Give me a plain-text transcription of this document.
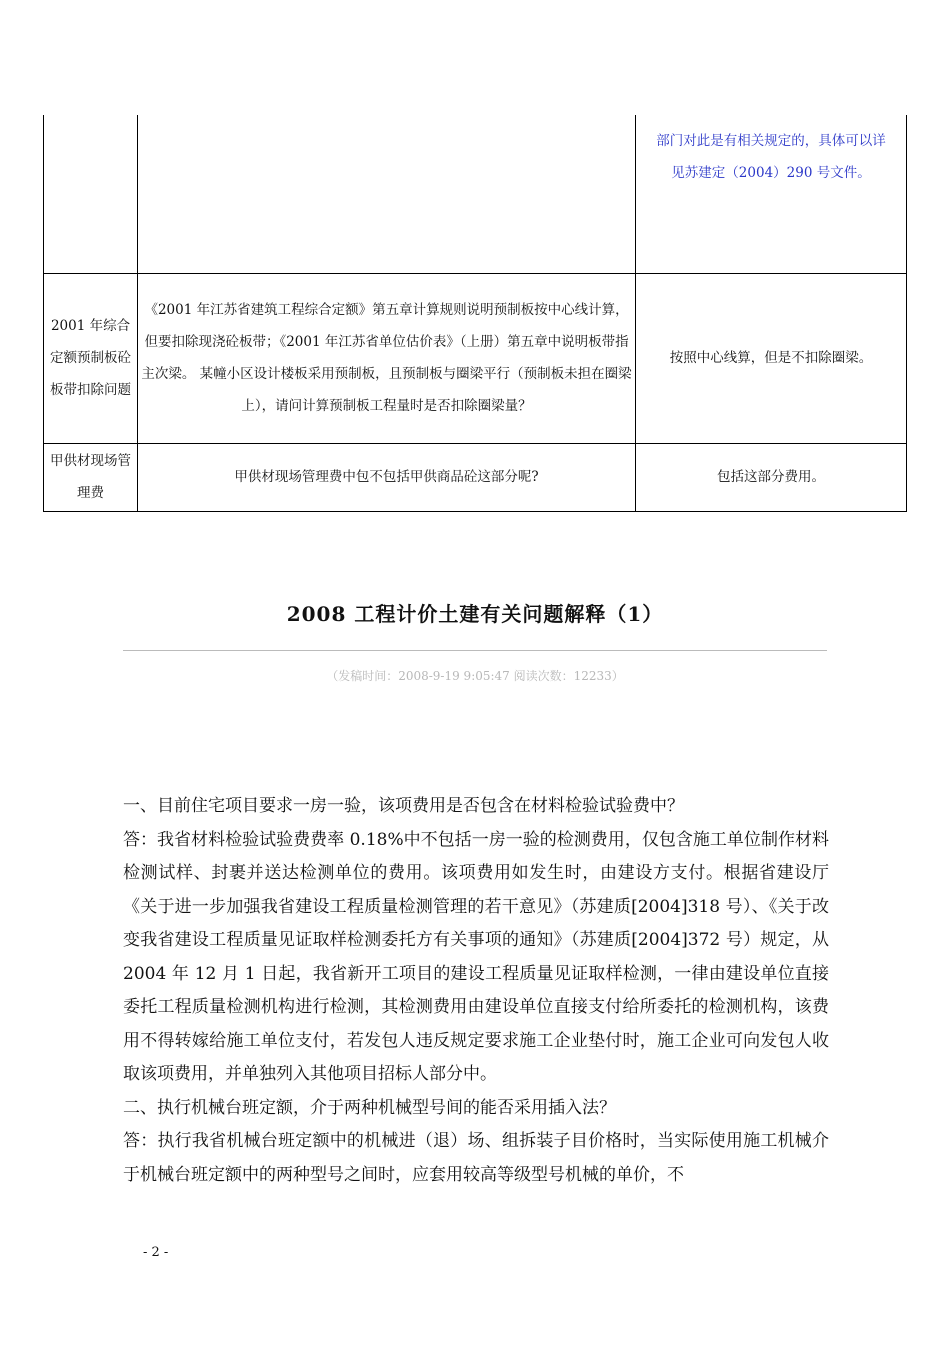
		部门对此是有相关规定的，具体可以详
见苏建定（2004）290 号文件。

2001 年综合定额预制板砼板带扣除问题	《2001 年江苏省建筑工程综合定额》第五章计算规则说明预制板按中心线计算，但要扣除现浇砼板带；《2001 年江苏省单位估价表》（上册）第五章中说明板带指主次梁。 某幢小区设计楼板采用预制板，且预制板与圈梁平行（预制板未担在圈梁上），请问计算预制板工程量时是否扣除圈梁量？	按照中心线算，但是不扣除圈梁。
甲供材现场管理费	甲供材现场管理费中包不包括甲供商品砼这部分呢?	包括这部分费用。
2008 工程计价土建有关问题解释（1）
（发稿时间：2008-9-19 9:05:47 阅读次数：12233）

一、目前住宅项目要求一房一验，该项费用是否包含在材料检验试验费中？

答：我省材料检验试验费费率 0.18%中不包括一房一验的检测费用，仅包含施工单位制作材料检测试样、封裹并送达检测单位的费用。该项费用如发生时，由建设方支付。根据省建设厅《关于进一步加强我省建设工程质量检测管理的若干意见》（苏建质[2004]318 号）、《关于改变我省建设工程质量见证取样检测委托方有关事项的通知》（苏建质[2004]372 号）规定，从 2004 年 12 月 1 日起，我省新开工项目的建设工程质量见证取样检测，一律由建设单位直接委托工程质量检测机构进行检测，其检测费用由建设单位直接支付给所委托的检测机构，该费用不得转嫁给施工单位支付，若发包人违反规定要求施工企业垫付时，施工企业可向发包人收取该项费用，并单独列入其他项目招标人部分中。

二、执行机械台班定额，介于两种机械型号间的能否采用插入法？

答：执行我省机械台班定额中的机械进（退）场、组拆装子目价格时，当实际使用施工机械介于机械台班定额中的两种型号之间时，应套用较高等级型号机械的单价，不

- 2 -
